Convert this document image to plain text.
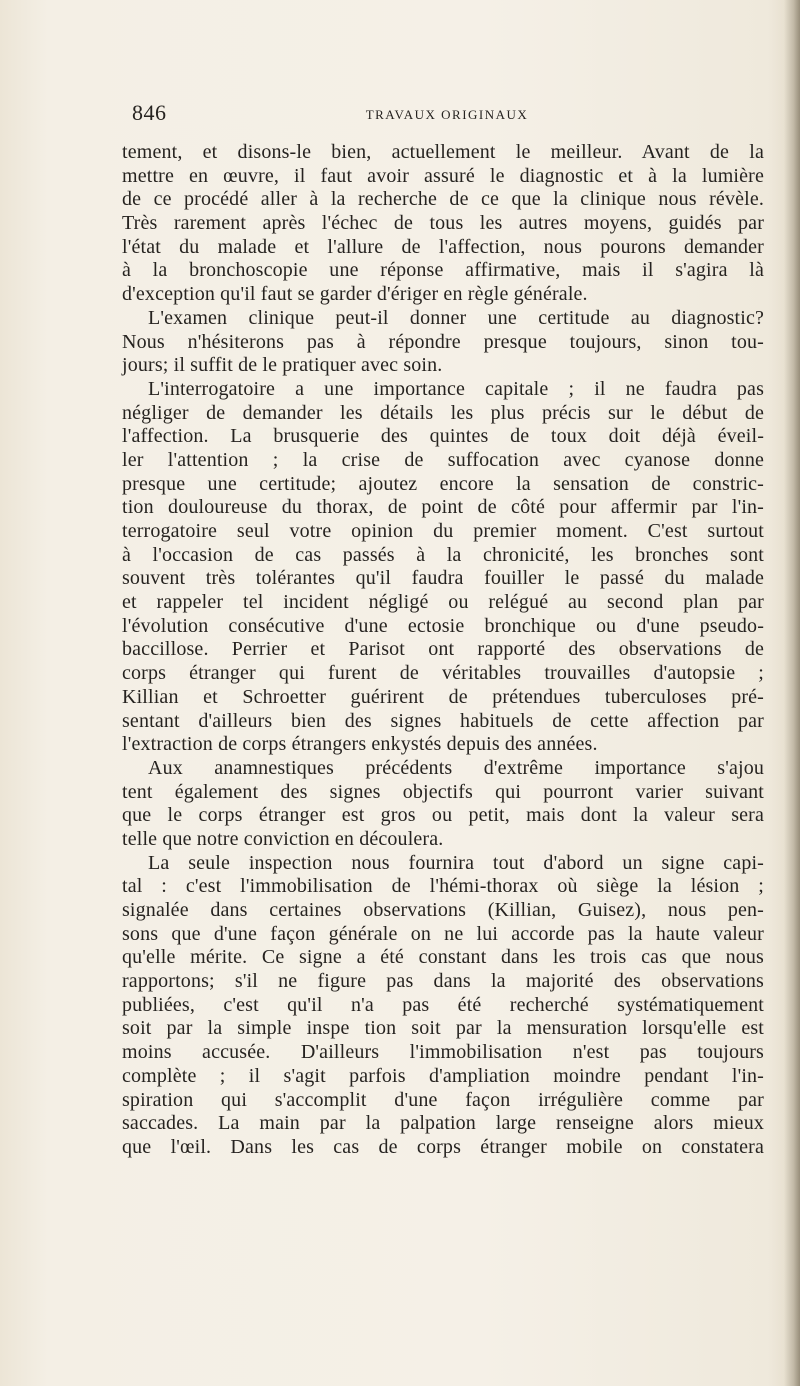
846	TRAVAUX ORIGINAUX
tement, et disons-le bien, actuellement le meilleur. Avant de la
mettre en œuvre, il faut avoir assuré le diagnostic et à la lumière
de ce procédé aller à la recherche de ce que la clinique nous révèle.
Très rarement après l'échec de tous les autres moyens, guidés par
l'état du malade et l'allure de l'affection, nous pourons demander
à la bronchoscopie une réponse affirmative, mais il s'agira là
d'exception qu'il faut se garder d'ériger en règle générale.
L'examen clinique peut-il donner une certitude au diagnostic?
Nous n'hésiterons pas à répondre presque toujours, sinon tou-
jours; il suffit de le pratiquer avec soin.
L'interrogatoire a une importance capitale ; il ne faudra pas
négliger de demander les détails les plus précis sur le début de
l'affection. La brusquerie des quintes de toux doit déjà éveil-
ler l'attention ; la crise de suffocation avec cyanose donne
presque une certitude; ajoutez encore la sensation de constric-
tion douloureuse du thorax, de point de côté pour affermir par l'in-
terrogatoire seul votre opinion du premier moment. C'est surtout
à l'occasion de cas passés à la chronicité, les bronches sont
souvent très tolérantes qu'il faudra fouiller le passé du malade
et rappeler tel incident négligé ou relégué au second plan par
l'évolution consécutive d'une ectosie bronchique ou d'une pseudo-
baccillose. Perrier et Parisot ont rapporté des observations de
corps étranger qui furent de véritables trouvailles d'autopsie ;
Killian et Schroetter guérirent de prétendues tuberculoses pré-
sentant d'ailleurs bien des signes habituels de cette affection par
l'extraction de corps étrangers enkystés depuis des années.
Aux anamnestiques précédents d'extrême importance s'ajou
tent également des signes objectifs qui pourront varier suivant
que le corps étranger est gros ou petit, mais dont la valeur sera
telle que notre conviction en découlera.
La seule inspection nous fournira tout d'abord un signe capi-
tal : c'est l'immobilisation de l'hémi-thorax où siège la lésion ;
signalée dans certaines observations (Killian, Guisez), nous pen-
sons que d'une façon générale on ne lui accorde pas la haute valeur
qu'elle mérite. Ce signe a été constant dans les trois cas que nous
rapportons; s'il ne figure pas dans la majorité des observations
publiées, c'est qu'il n'a pas été recherché systématiquement
soit par la simple inspe tion soit par la mensuration lorsqu'elle est
moins accusée. D'ailleurs l'immobilisation n'est pas toujours
complète ; il s'agit parfois d'ampliation moindre pendant l'in-
spiration qui s'accomplit d'une façon irrégulière comme par
saccades. La main par la palpation large renseigne alors mieux
que l'œil. Dans les cas de corps étranger mobile on constatera
